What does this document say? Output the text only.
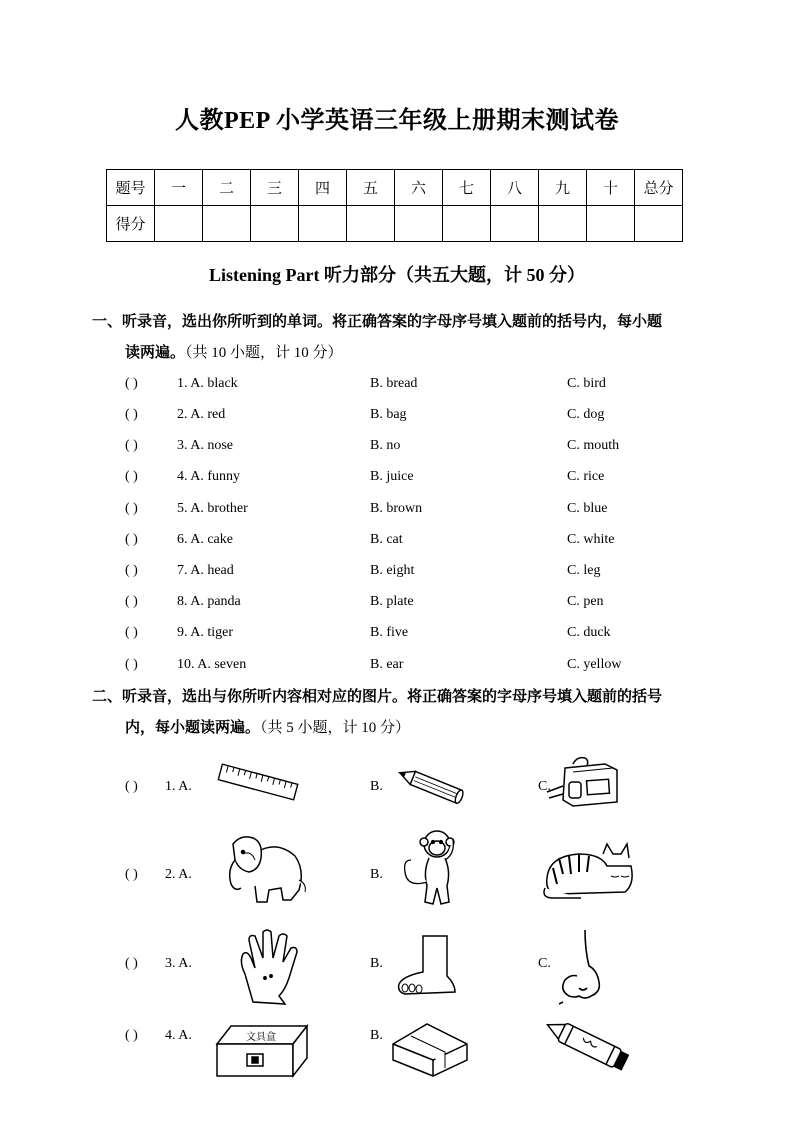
人教PEP 小学英语三年级上册期末测试卷
题号	一	二	三	四	五	六	七	八	九	十	总分
得分											
Listening Part 听力部分（共五大题，计 50 分）
一、听录音，选出你所听到的单词。将正确答案的字母序号填入题前的括号内，每小题
读两遍。（共 10 小题，计 10 分）
( )	1. A. black	B. bread	C. bird
( )	2. A. red	B. bag	C. dog
( )	3. A. nose	B. no	C. mouth
( )	4. A. funny	B. juice	C. rice
( )	5. A. brother	B. brown	C. blue
( )	6. A. cake	B. cat	C. white
( )	7. A. head	B. eight	C. leg
( )	8. A. panda	B. plate	C. pen
( )	9. A. tiger	B. five	C. duck
( )	10. A. seven	B. ear	C. yellow
二、听录音，选出与你所听内容相对应的图片。将正确答案的字母序号填入题前的括号
内，每小题读两遍。（共 5 小题，计 10 分）
( ) 1. A.	B.	C.
( ) 2. A.	B.
( ) 3. A.	B.	C.
( ) 4. A.	文具盒	B.
